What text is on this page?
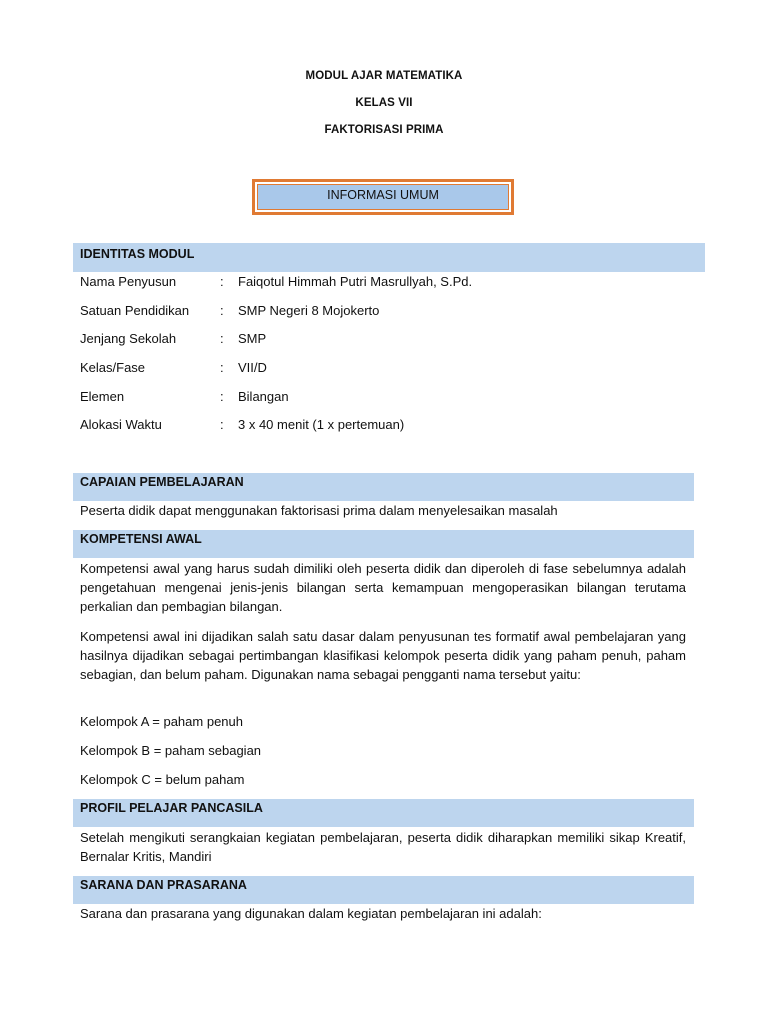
MODUL AJAR MATEMATIKA
KELAS VII
FAKTORISASI PRIMA
INFORMASI UMUM
IDENTITAS MODUL
Nama Penyusun	:	Faiqotul Himmah Putri Masrullyah, S.Pd.
Satuan Pendidikan	:	SMP Negeri 8 Mojokerto
Jenjang Sekolah	:	SMP
Kelas/Fase	:	VII/D
Elemen	:	Bilangan
Alokasi Waktu	:	3 x 40 menit (1 x pertemuan)
CAPAIAN PEMBELAJARAN
Peserta didik dapat menggunakan faktorisasi prima dalam menyelesaikan masalah
KOMPETENSI AWAL
Kompetensi awal yang harus sudah dimiliki oleh peserta didik dan diperoleh di fase sebelumnya adalah pengetahuan mengenai jenis-jenis bilangan serta kemampuan mengoperasikan bilangan terutama perkalian dan pembagian bilangan.
Kompetensi awal ini dijadikan salah satu dasar dalam penyusunan tes formatif awal pembelajaran yang hasilnya dijadikan sebagai pertimbangan klasifikasi kelompok peserta didik yang paham penuh, paham sebagian, dan belum paham. Digunakan nama sebagai pengganti nama tersebut yaitu:
Kelompok A = paham penuh
Kelompok B = paham sebagian
Kelompok C = belum paham
PROFIL PELAJAR PANCASILA
Setelah mengikuti serangkaian kegiatan pembelajaran, peserta didik diharapkan memiliki sikap Kreatif, Bernalar Kritis, Mandiri
SARANA DAN PRASARANA
Sarana dan prasarana yang digunakan dalam kegiatan pembelajaran ini adalah:
